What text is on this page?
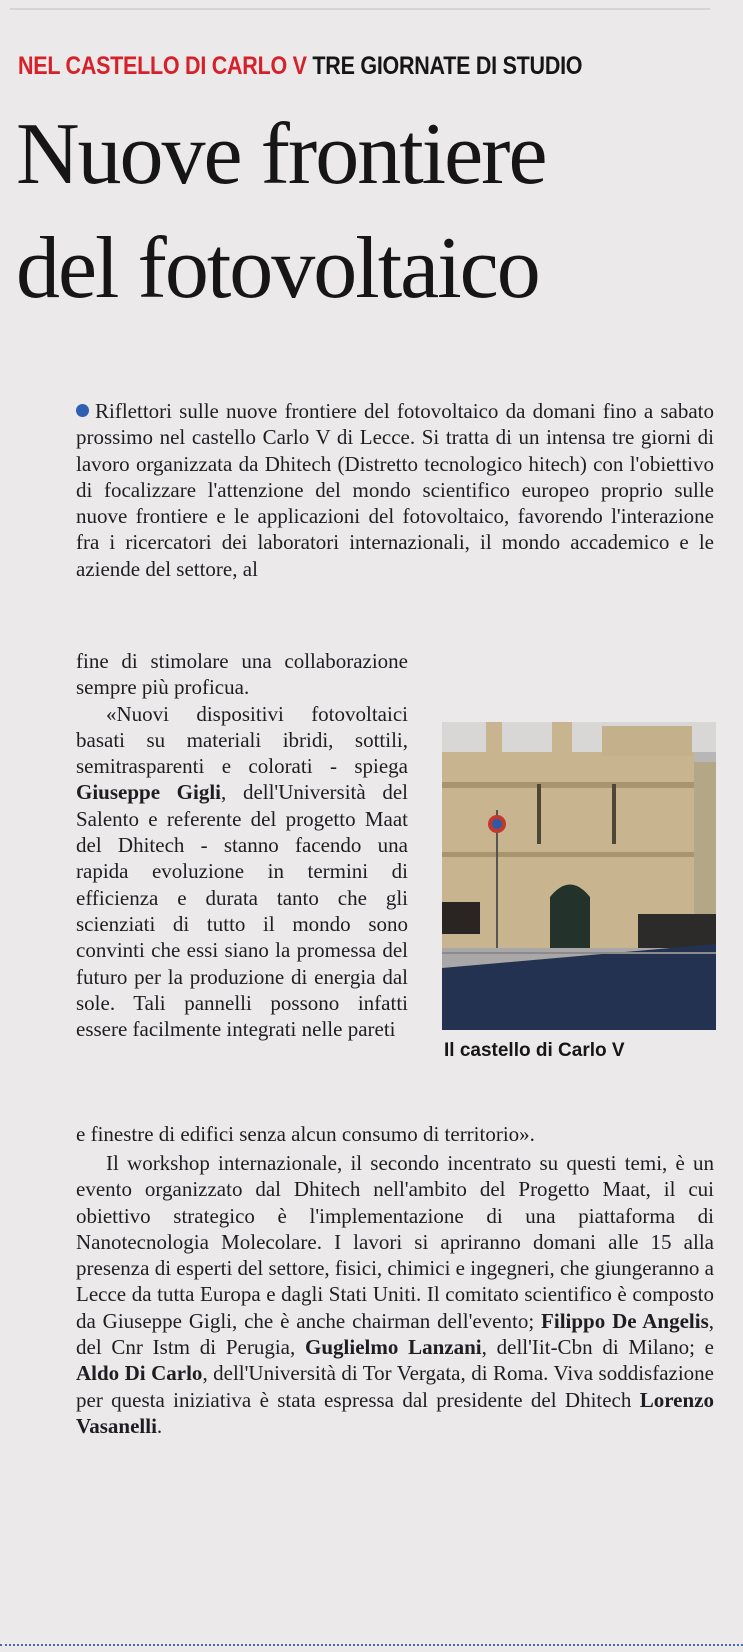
NEL CASTELLO DI CARLO V TRE GIORNATE DI STUDIO
Nuove frontiere
del fotovoltaico

Riflettori sulle nuove frontiere del fotovoltaico da domani fino a sabato prossimo nel castello Carlo V di Lecce. Si tratta di un intensa tre giorni di lavoro organizzata da Dhitech (Distretto tecnologico hitech) con l'obiettivo di focalizzare l'attenzione del mondo scientifico europeo proprio sulle nuove frontiere e le applicazioni del fotovoltaico, favorendo l'interazione fra i ricercatori dei laboratori internazionali, il mondo accademico e le aziende del settore, al

fine di stimolare una collaborazione sempre più proficua.

«Nuovi dispositivi fotovoltaici basati su materiali ibridi, sottili, semitrasparenti e colorati - spiega Giuseppe Gigli, dell'Università del Salento e referente del progetto Maat del Dhitech - stanno facendo una rapida evoluzione in termini di efficienza e durata tanto che gli scienziati di tutto il mondo sono convinti che essi siano la promessa del futuro per la produzione di energia dal sole. Tali pannelli possono infatti essere facilmente integrati nelle pareti

Il castello di Carlo V

e finestre di edifici senza alcun consumo di territorio».

Il workshop internazionale, il secondo incentrato su questi temi, è un evento organizzato dal Dhitech nell'ambito del Progetto Maat, il cui obiettivo strategico è l'implementazione di una piattaforma di Nanotecnologia Molecolare. I lavori si apriranno domani alle 15 alla presenza di esperti del settore, fisici, chimici e ingegneri, che giungeranno a Lecce da tutta Europa e dagli Stati Uniti. Il comitato scientifico è composto da Giuseppe Gigli, che è anche chairman dell'evento; Filippo De Angelis, del Cnr Istm di Perugia, Guglielmo Lanzani, dell'Iit-Cbn di Milano; e Aldo Di Carlo, dell'Università di Tor Vergata, di Roma. Viva soddisfazione per questa iniziativa è stata espressa dal presidente del Dhitech Lorenzo Vasanelli.
